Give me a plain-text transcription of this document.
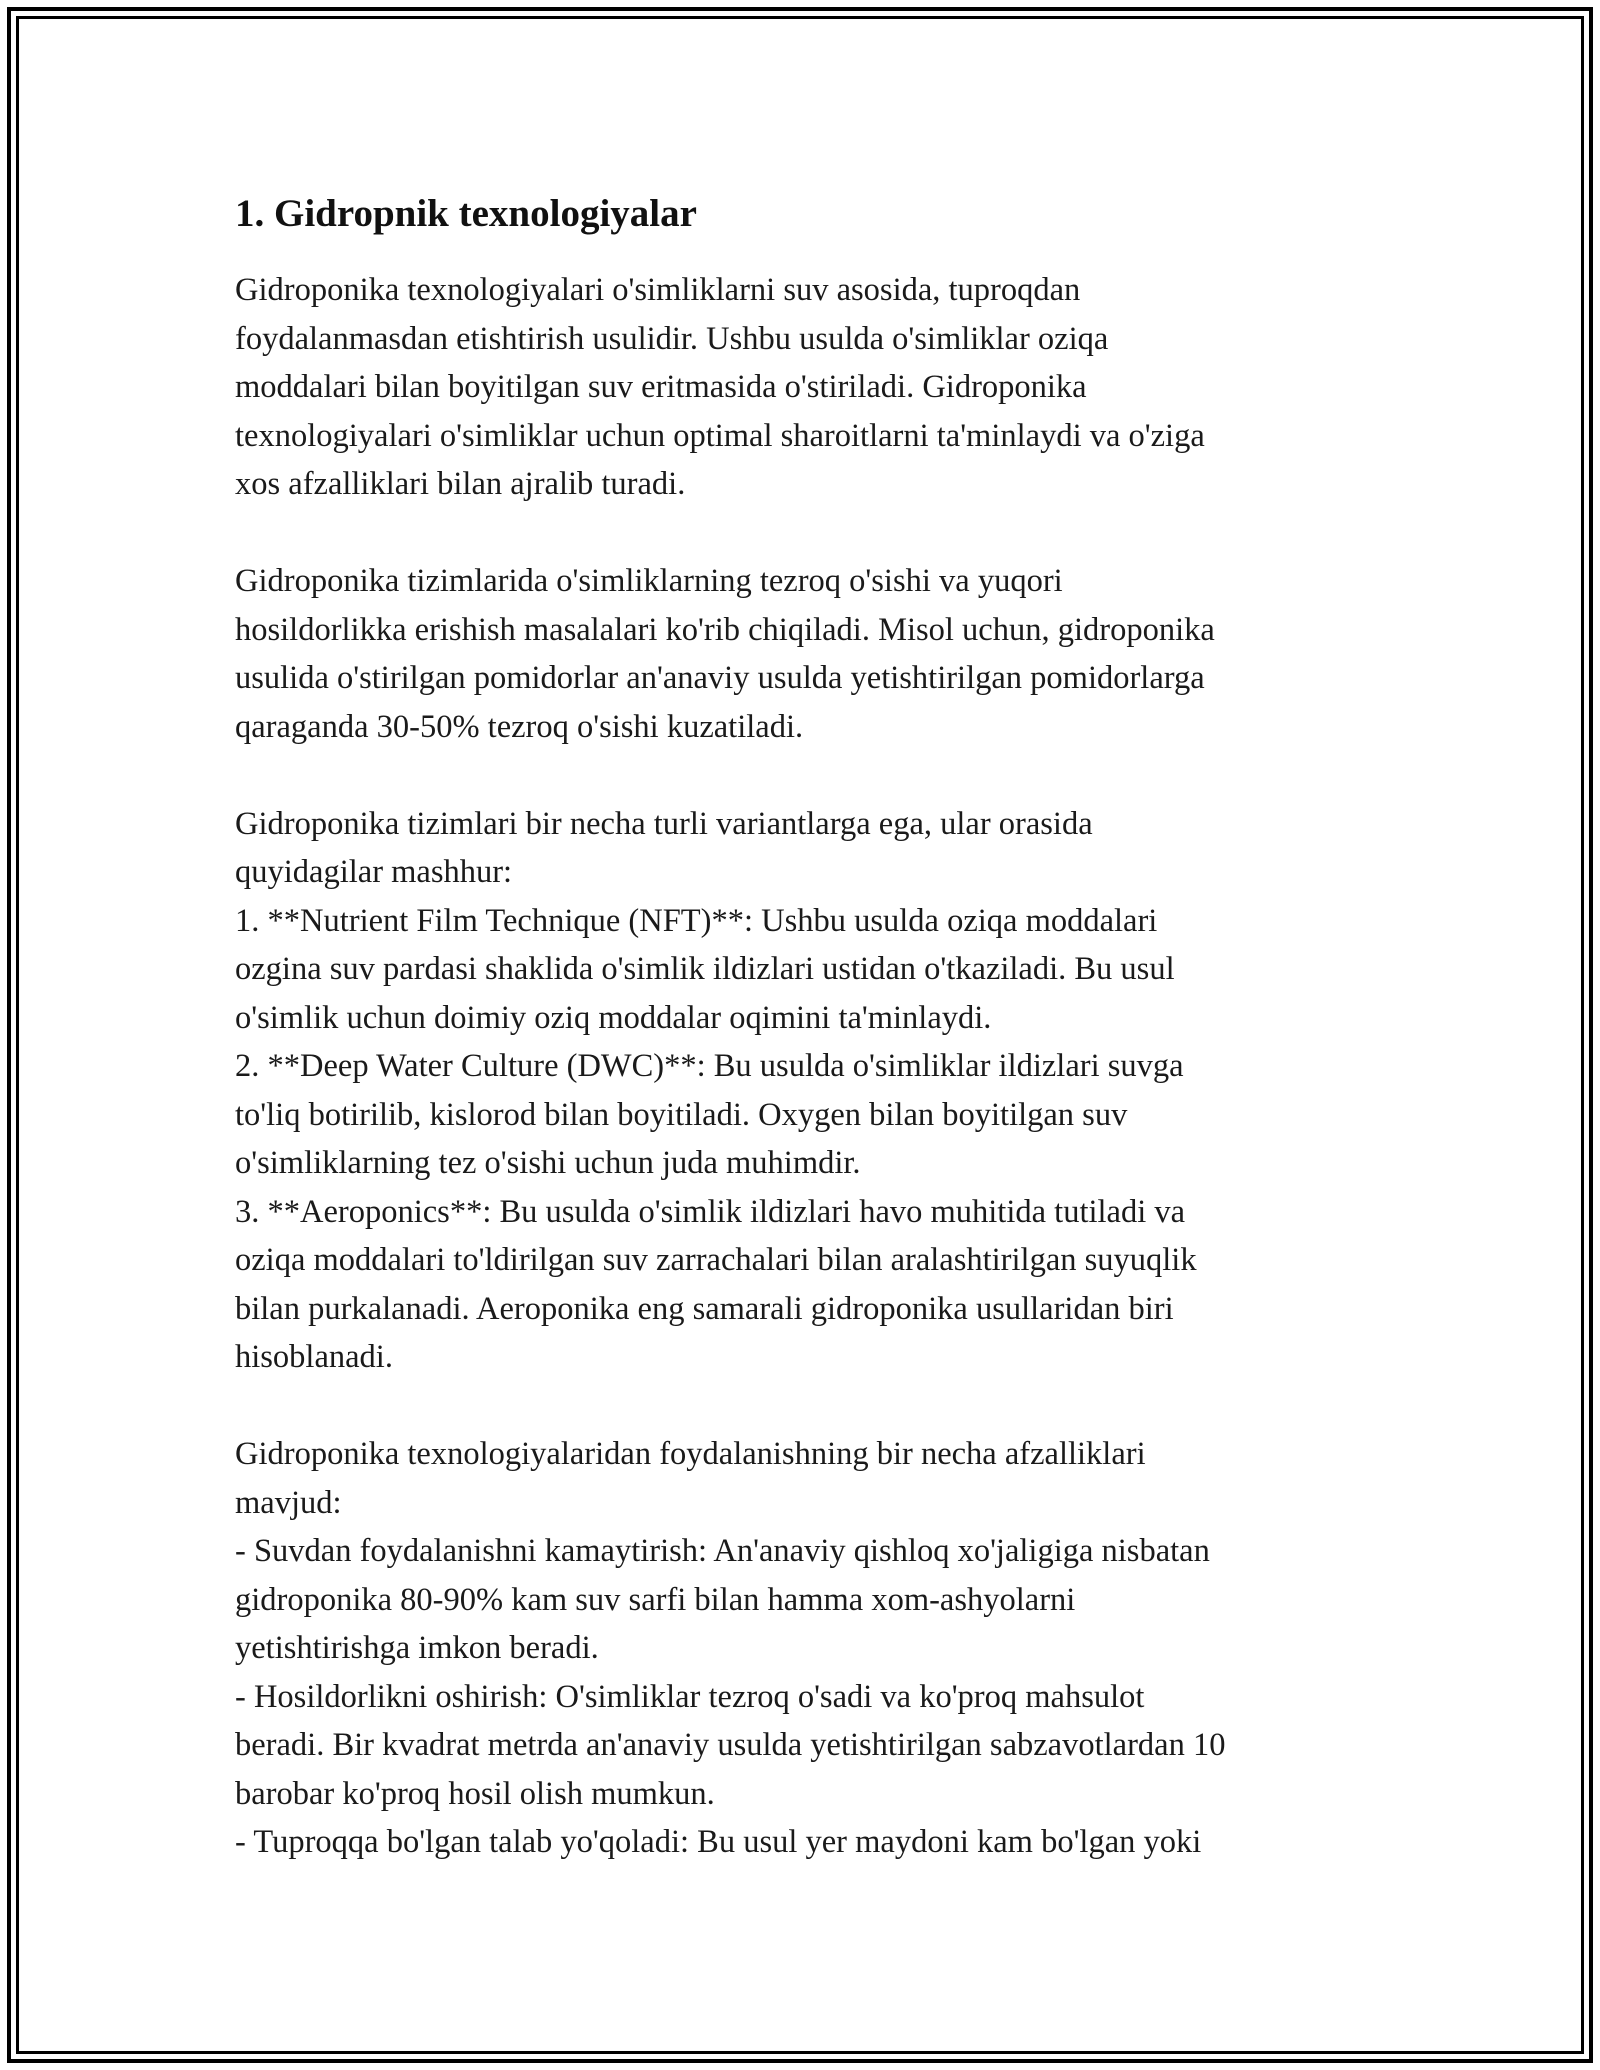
1. Gidropnik texnologiyalar
Gidroponika texnologiyalari o'simliklarni suv asosida, tuproqdan
foydalanmasdan etishtirish usulidir. Ushbu usulda o'simliklar oziqa
moddalari bilan boyitilgan suv eritmasida o'stiriladi. Gidroponika
texnologiyalari o'simliklar uchun optimal sharoitlarni ta'minlaydi va o'ziga
xos afzalliklari bilan ajralib turadi.
Gidroponika tizimlarida o'simliklarning tezroq o'sishi va yuqori
hosildorlikka erishish masalalari ko'rib chiqiladi. Misol uchun, gidroponika
usulida o'stirilgan pomidorlar an'anaviy usulda yetishtirilgan pomidorlarga
qaraganda 30-50% tezroq o'sishi kuzatiladi.
Gidroponika tizimlari bir necha turli variantlarga ega, ular orasida
quyidagilar mashhur:
1. **Nutrient Film Technique (NFT)**: Ushbu usulda oziqa moddalari
ozgina suv pardasi shaklida o'simlik ildizlari ustidan o'tkaziladi. Bu usul
o'simlik uchun doimiy oziq moddalar oqimini ta'minlaydi.
2. **Deep Water Culture (DWC)**: Bu usulda o'simliklar ildizlari suvga
to'liq botirilib, kislorod bilan boyitiladi. Oxygen bilan boyitilgan suv
o'simliklarning tez o'sishi uchun juda muhimdir.
3. **Aeroponics**: Bu usulda o'simlik ildizlari havo muhitida tutiladi va
oziqa moddalari to'ldirilgan suv zarrachalari bilan aralashtirilgan suyuqlik
bilan purkalanadi. Aeroponika eng samarali gidroponika usullaridan biri
hisoblanadi.
Gidroponika texnologiyalaridan foydalanishning bir necha afzalliklari
mavjud:
- Suvdan foydalanishni kamaytirish: An'anaviy qishloq xo'jaligiga nisbatan
gidroponika 80-90% kam suv sarfi bilan hamma xom-ashyolarni
yetishtirishga imkon beradi.
- Hosildorlikni oshirish: O'simliklar tezroq o'sadi va ko'proq mahsulot
beradi. Bir kvadrat metrda an'anaviy usulda yetishtirilgan sabzavotlardan 10
barobar ko'proq hosil olish mumkun.
- Tuproqqa bo'lgan talab yo'qoladi: Bu usul yer maydoni kam bo'lgan yoki
